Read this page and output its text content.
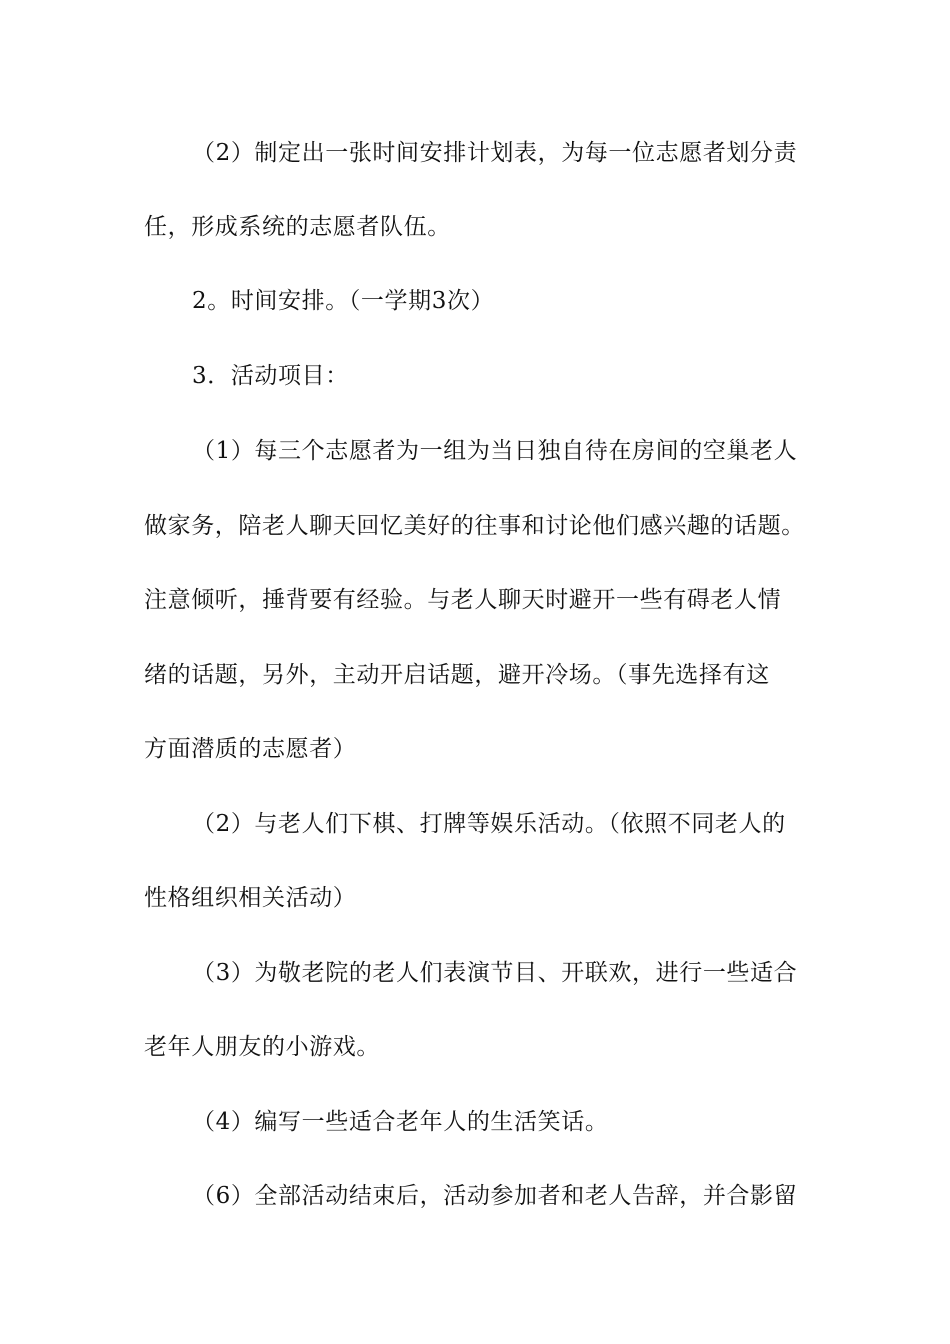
（2）制定出一张时间安排计划表，为每一位志愿者划分责
任，形成系统的志愿者队伍。
2。时间安排。（一学期3次）
3．活动项目：
（1）每三个志愿者为一组为当日独自待在房间的空巢老人
做家务，陪老人聊天回忆美好的往事和讨论他们感兴趣的话题。
注意倾听，捶背要有经验。与老人聊天时避开一些有碍老人情
绪的话题，另外，主动开启话题，避开冷场。（事先选择有这
方面潜质的志愿者）
（2）与老人们下棋、打牌等娱乐活动。（依照不同老人的
性格组织相关活动）
（3）为敬老院的老人们表演节目、开联欢，进行一些适合
老年人朋友的小游戏。
（4）编写一些适合老年人的生活笑话。
（6）全部活动结束后，活动参加者和老人告辞，并合影留
